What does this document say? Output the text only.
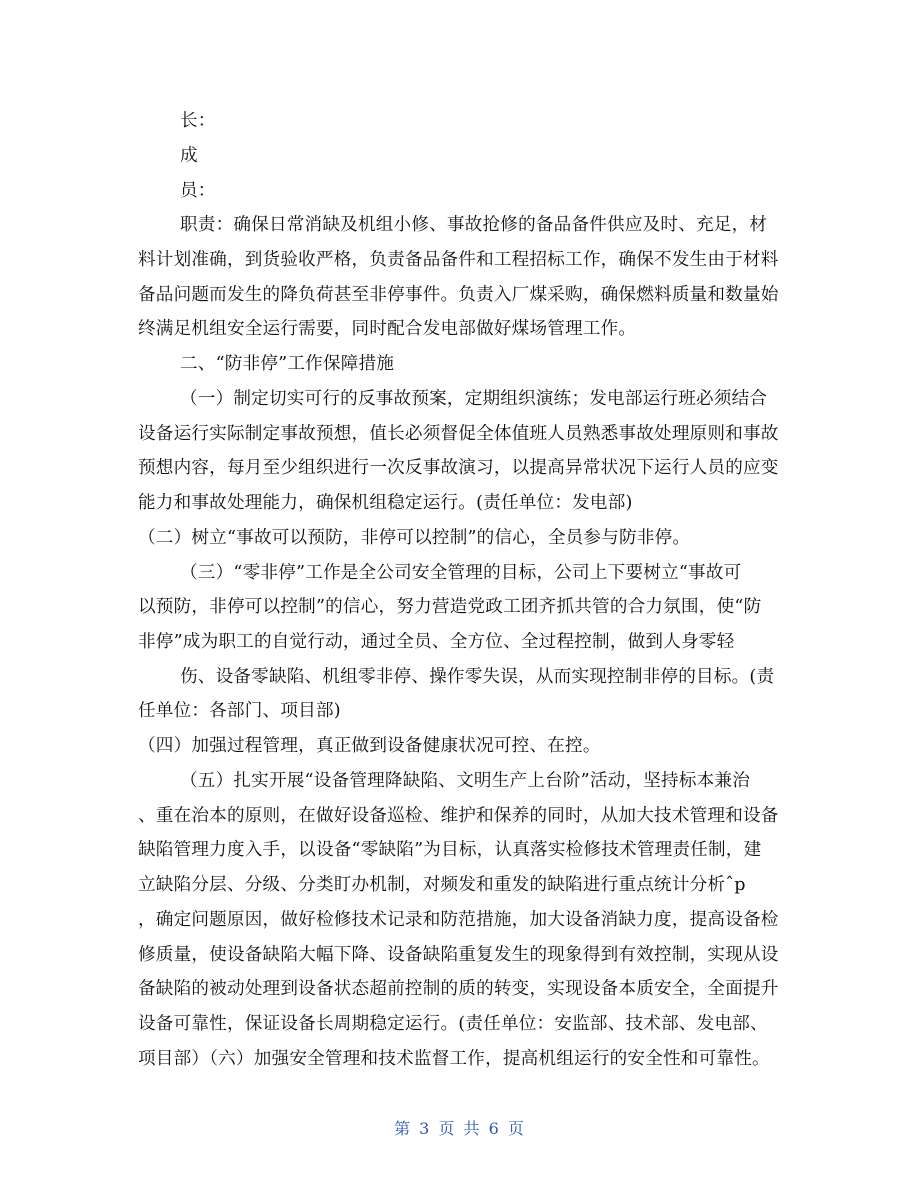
长：
成
员：
职责：确保日常消缺及机组小修、事故抢修的备品备件供应及时、充足，材
料计划准确，到货验收严格，负责备品备件和工程招标工作，确保不发生由于材料
备品问题而发生的降负荷甚至非停事件。负责入厂煤采购，确保燃料质量和数量始
终满足机组安全运行需要，同时配合发电部做好煤场管理工作。
二、“防非停”工作保障措施
（一）制定切实可行的反事故预案，定期组织演练；发电部运行班必须结合
设备运行实际制定事故预想，值长必须督促全体值班人员熟悉事故处理原则和事故
预想内容，每月至少组织进行一次反事故演习，以提高异常状况下运行人员的应变
能力和事故处理能力，确保机组稳定运行。(责任单位：发电部)
（二）树立“事故可以预防，非停可以控制”的信心，全员参与防非停。
（三）“零非停”工作是全公司安全管理的目标，公司上下要树立“事故可
以预防，非停可以控制”的信心，努力营造党政工团齐抓共管的合力氛围，使“防
非停”成为职工的自觉行动，通过全员、全方位、全过程控制，做到人身零轻
伤、设备零缺陷、机组零非停、操作零失误，从而实现控制非停的目标。(责
任单位：各部门、项目部)
（四）加强过程管理，真正做到设备健康状况可控、在控。
（五）扎实开展“设备管理降缺陷、文明生产上台阶”活动，坚持标本兼治
、重在治本的原则，在做好设备巡检、维护和保养的同时，从加大技术管理和设备
缺陷管理力度入手，以设备“零缺陷”为目标，认真落实检修技术管理责任制，建
立缺陷分层、分级、分类盯办机制，对频发和重发的缺陷进行重点统计分析ˆp
，确定问题原因，做好检修技术记录和防范措施，加大设备消缺力度，提高设备检
修质量，使设备缺陷大幅下降、设备缺陷重复发生的现象得到有效控制，实现从设
备缺陷的被动处理到设备状态超前控制的质的转变，实现设备本质安全，全面提升
设备可靠性，保证设备长周期稳定运行。(责任单位：安监部、技术部、发电部、
项目部）（六）加强安全管理和技术监督工作，提高机组运行的安全性和可靠性。
第 3 页 共 6 页
